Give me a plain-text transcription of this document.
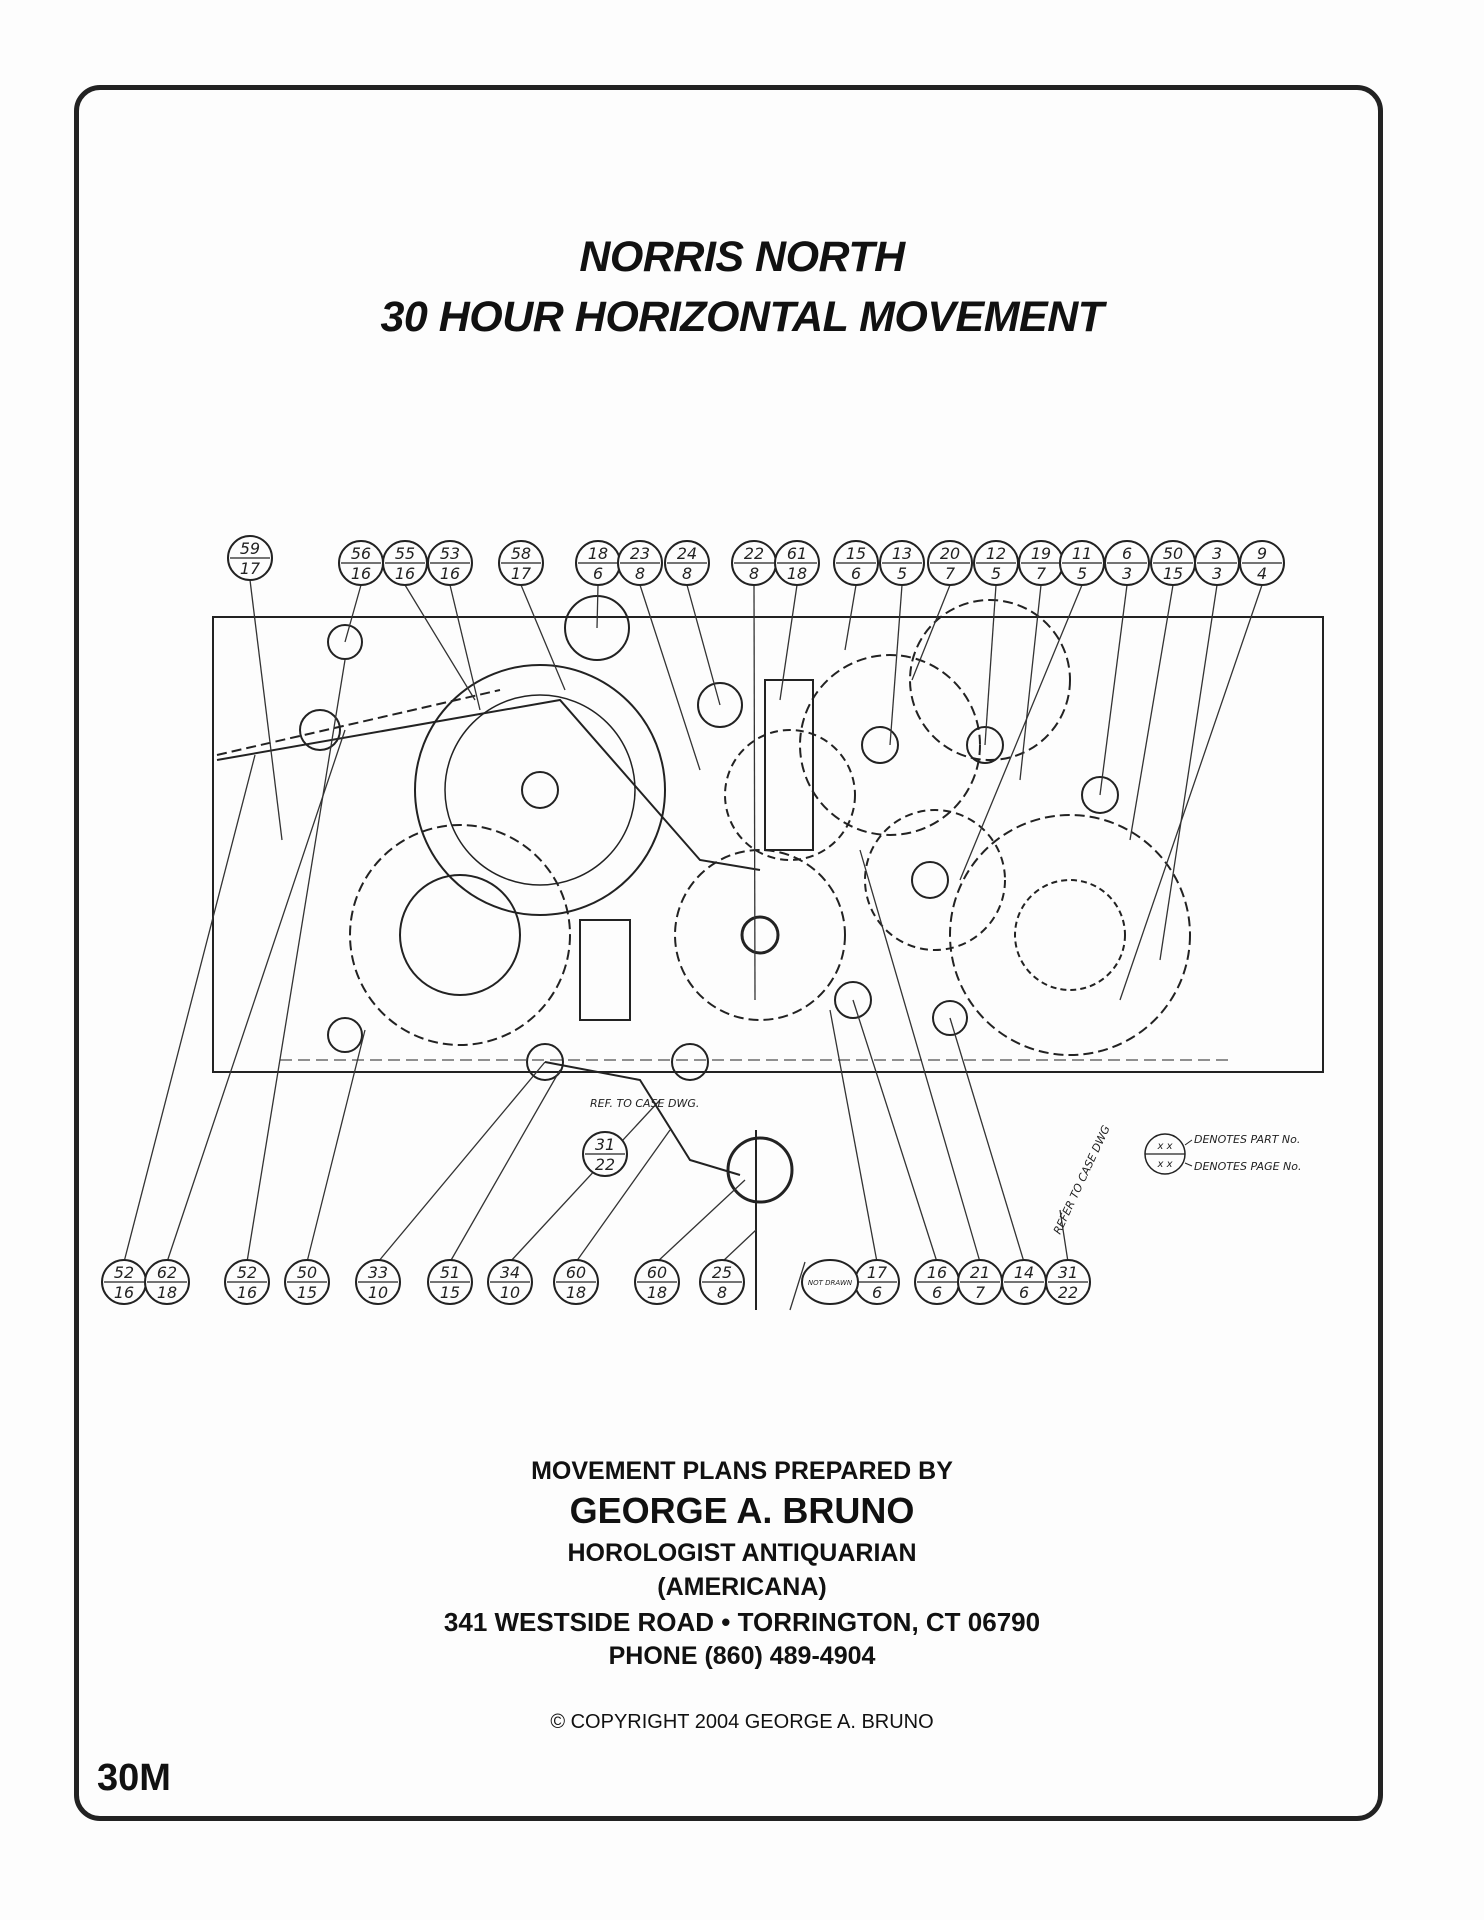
NORRIS NORTH
30 HOUR HORIZONTAL MOVEMENT
REF. TO CASE DWG.
REFER TO CASE DWG	x x
x x
DENOTES PART No.
DENOTES PAGE No.
59
17
56
16
55
16
53
16
58
17
18
6
23
8
24
8
22
8
61
18
15
6
13
5
20
7
12
5
19
7
11
5
6
3
50
15
3
3
9
4
52
16
62
18
52
16
50
15
33
10
51
15
34
10
60
18
60
18
25
8
17
6
16
6
21
7
14
6
31
22
NOT DRAWN
31
22
MOVEMENT PLANS PREPARED BY
GEORGE A. BRUNO
HOROLOGIST ANTIQUARIAN
(AMERICANA)
341 WESTSIDE ROAD • TORRINGTON, CT 06790
PHONE (860) 489-4904
© COPYRIGHT 2004 GEORGE A. BRUNO
30M
